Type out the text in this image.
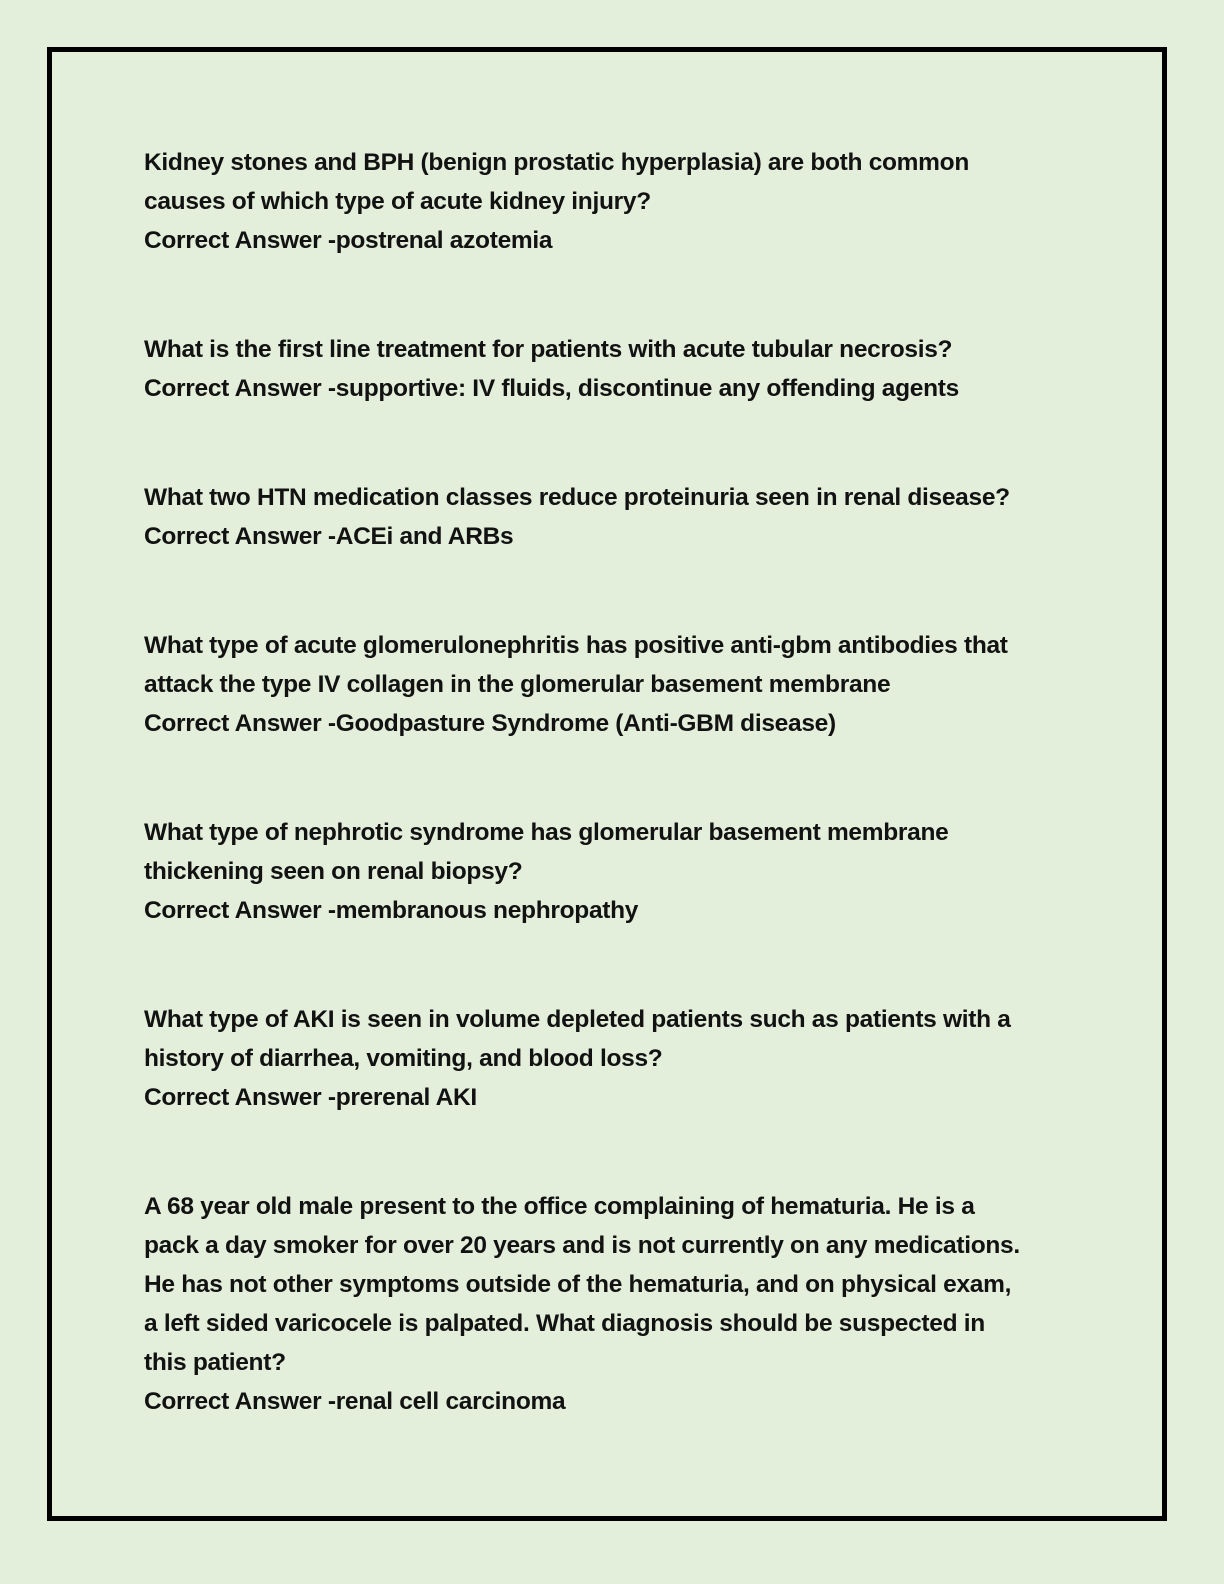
Kidney stones and BPH (benign prostatic hyperplasia) are both common
causes of which type of acute kidney injury?

Correct Answer -postrenal azotemia

What is the first line treatment for patients with acute tubular necrosis?

Correct Answer -supportive: IV fluids, discontinue any offending agents

What two HTN medication classes reduce proteinuria seen in renal disease?

Correct Answer -ACEi and ARBs

What type of acute glomerulonephritis has positive anti-gbm antibodies that
attack the type IV collagen in the glomerular basement membrane

Correct Answer -Goodpasture Syndrome (Anti-GBM disease)

What type of nephrotic syndrome has glomerular basement membrane
thickening seen on renal biopsy?

Correct Answer -membranous nephropathy

What type of AKI is seen in volume depleted patients such as patients with a
history of diarrhea, vomiting, and blood loss?

Correct Answer -prerenal AKI

A 68 year old male present to the office complaining of hematuria. He is a
pack a day smoker for over 20 years and is not currently on any medications.
He has not other symptoms outside of the hematuria, and on physical exam,
a left sided varicocele is palpated. What diagnosis should be suspected in
this patient?

Correct Answer -renal cell carcinoma
